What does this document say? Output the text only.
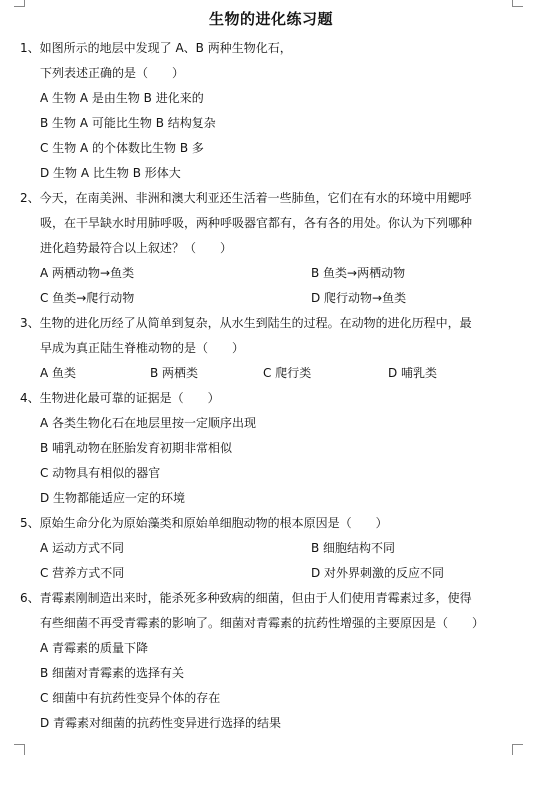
生物的进化练习题
1、如图所示的地层中发现了 A、B 两种生物化石，
下列表述正确的是（　　）
A 生物 A 是由生物 B 进化来的
B 生物 A 可能比生物 B 结构复杂
C 生物 A 的个体数比生物 B 多
D 生物 A 比生物 B 形体大
2、今天，在南美洲、非洲和澳大利亚还生活着一些肺鱼，它们在有水的环境中用鳃呼
吸，在干旱缺水时用肺呼吸，两种呼吸器官都有，各有各的用处。你认为下列哪种
进化趋势最符合以上叙述？（　　）
A 两栖动物→鱼类	B 鱼类→两栖动物
C 鱼类→爬行动物	D 爬行动物→鱼类
3、生物的进化历经了从简单到复杂，从水生到陆生的过程。在动物的进化历程中，最
早成为真正陆生脊椎动物的是（　　）
A 鱼类	B 两栖类	C 爬行类	D 哺乳类
4、生物进化最可靠的证据是（　　）
A 各类生物化石在地层里按一定顺序出现
B 哺乳动物在胚胎发育初期非常相似
C 动物具有相似的器官
D 生物都能适应一定的环境
5、原始生命分化为原始藻类和原始单细胞动物的根本原因是（　　）
A 运动方式不同	B 细胞结构不同
C 营养方式不同	D 对外界刺激的反应不同
6、青霉素刚制造出来时，能杀死多种致病的细菌，但由于人们使用青霉素过多，使得
有些细菌不再受青霉素的影响了。细菌对青霉素的抗药性增强的主要原因是（　　）
A 青霉素的质量下降
B 细菌对青霉素的选择有关
C 细菌中有抗药性变异个体的存在
D 青霉素对细菌的抗药性变异进行选择的结果
